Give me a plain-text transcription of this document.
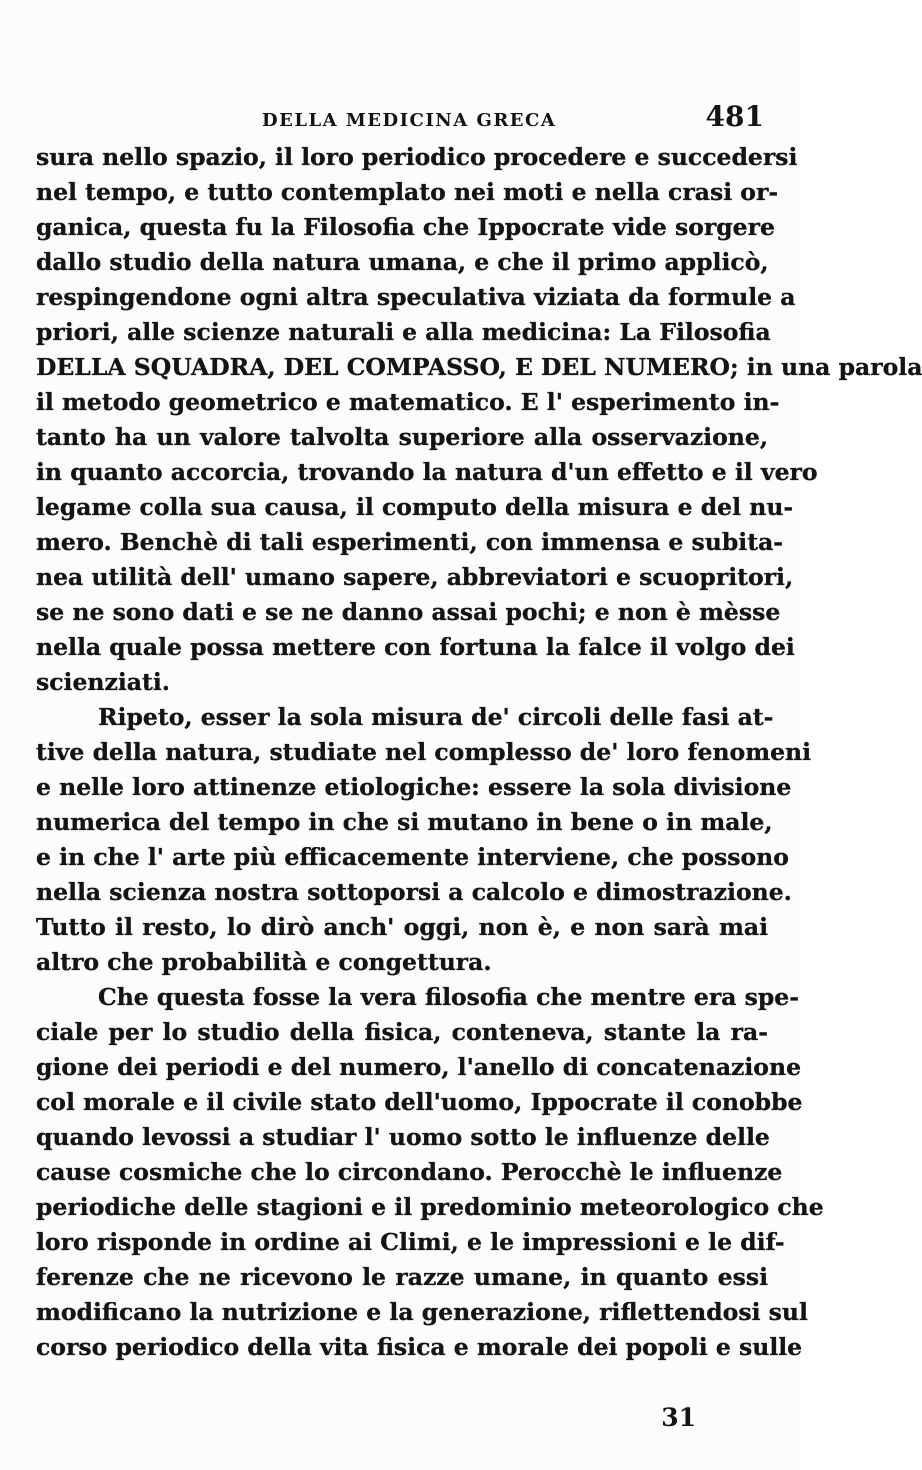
DELLA MEDICINA GRECA	481
sura nello spazio, il loro periodico procedere e succedersi
nel tempo, e tutto contemplato nei moti e nella crasi or-
ganica, questa fu la Filosofia che Ippocrate vide sorgere
dallo studio della natura umana, e che il primo applicò,
respingendone ogni altra speculativa viziata da formule a
priori, alle scienze naturali e alla medicina: La Filosofia
DELLA SQUADRA, DEL COMPASSO, E DEL NUMERO; in una parola
il metodo geometrico e matematico. E l' esperimento in-
tanto ha un valore talvolta superiore alla osservazione,
in quanto accorcia, trovando la natura d'un effetto e il vero
legame colla sua causa, il computo della misura e del nu-
mero. Benchè di tali esperimenti, con immensa e subita-
nea utilità dell' umano sapere, abbreviatori e scuopritori,
se ne sono dati e se ne danno assai pochi; e non è mèsse
nella quale possa mettere con fortuna la falce il volgo dei
scienziati.
Ripeto, esser la sola misura de' circoli delle fasi at-
tive della natura, studiate nel complesso de' loro fenomeni
e nelle loro attinenze etiologiche: essere la sola divisione
numerica del tempo in che si mutano in bene o in male,
e in che l' arte più efficacemente interviene, che possono
nella scienza nostra sottoporsi a calcolo e dimostrazione.
Tutto il resto, lo dirò anch' oggi, non è, e non sarà mai
altro che probabilità e congettura.
Che questa fosse la vera filosofia che mentre era spe-
ciale per lo studio della fisica, conteneva, stante la ra-
gione dei periodi e del numero, l'anello di concatenazione
col morale e il civile stato dell'uomo, Ippocrate il conobbe
quando levossi a studiar l' uomo sotto le influenze delle
cause cosmiche che lo circondano. Perocchè le influenze
periodiche delle stagioni e il predominio meteorologico che
loro risponde in ordine ai Climi, e le impressioni e le dif-
ferenze che ne ricevono le razze umane, in quanto essi
modificano la nutrizione e la generazione, riflettendosi sul
corso periodico della vita fisica e morale dei popoli e sulle
31
